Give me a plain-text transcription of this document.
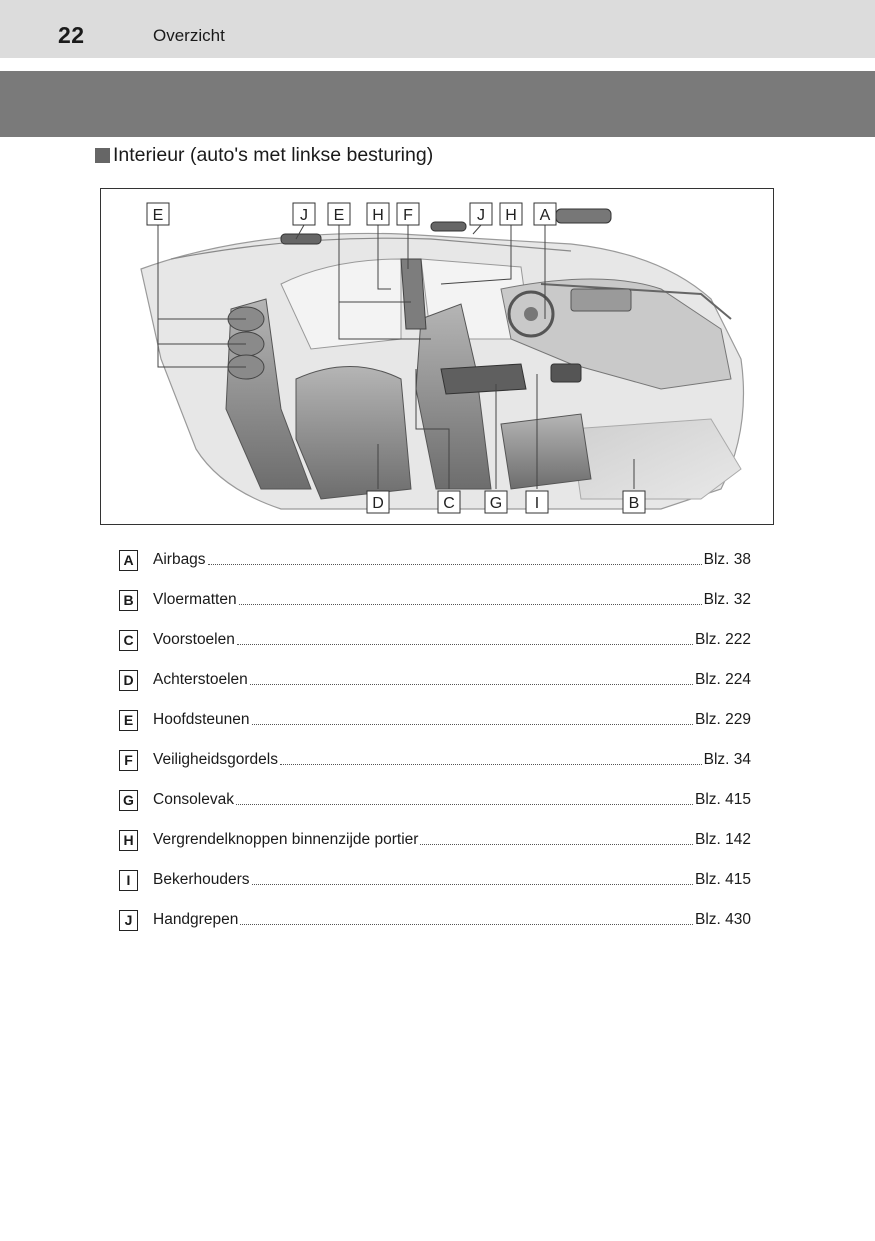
22	Overzicht
Interieur (auto's met linkse besturing)
E	J E H F	J H A
D	C G I	B
A Airbags	Blz. 38
B Vloermatten	Blz. 32
C Voorstoelen	Blz. 222
D Achterstoelen	Blz. 224
E	Hoofdsteunen	Blz. 229
F	Veiligheidsgordels	Blz. 34
G Consolevak	Blz. 415
H Vergrendelknoppen binnenzijde portier	Blz. 142
I	Bekerhouders	Blz. 415
J	Handgrepen	Blz. 430
